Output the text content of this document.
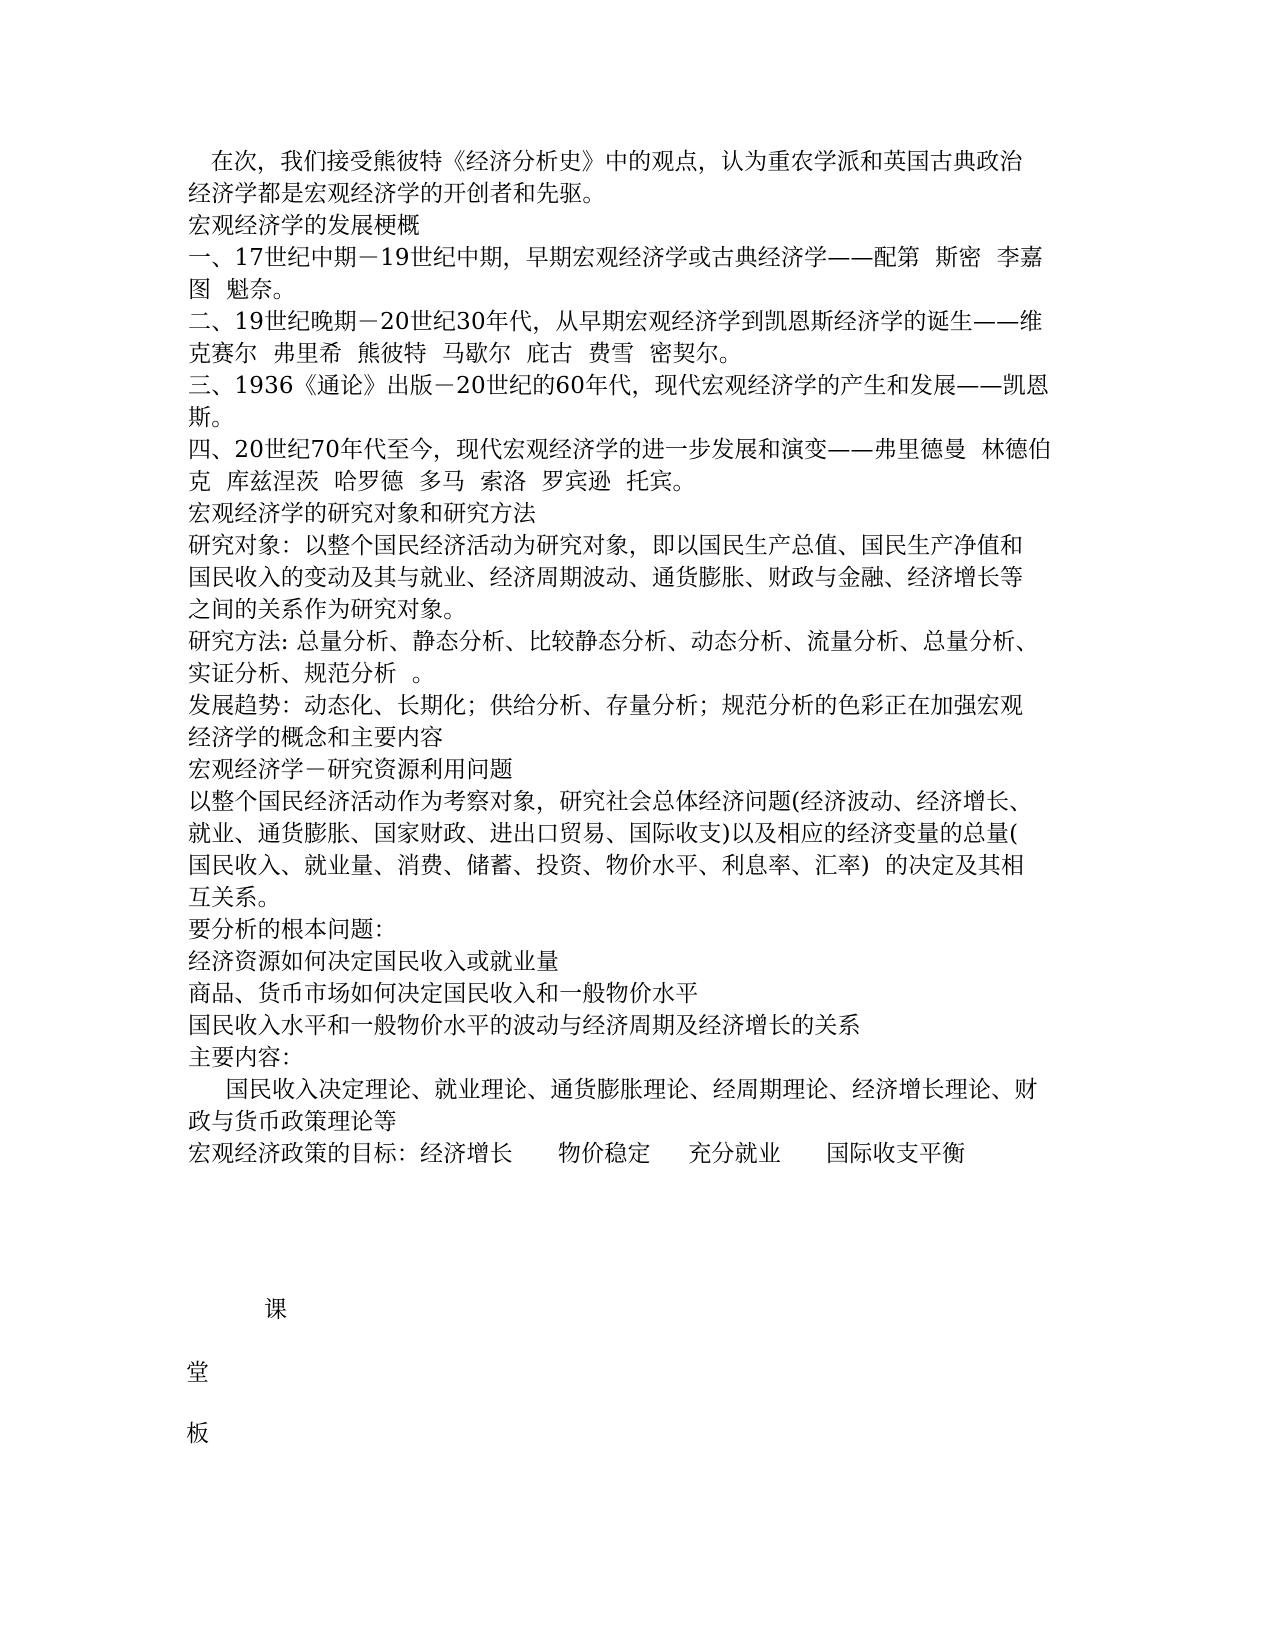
在次，我们接受熊彼特《经济分析史》中的观点，认为重农学派和英国古典政治
经济学都是宏观经济学的开创者和先驱。
宏观经济学的发展梗概
一、17世纪中期－19世纪中期，早期宏观经济学或古典经济学——配第  斯密  李嘉
图  魁奈。
二、19世纪晚期－20世纪30年代，从早期宏观经济学到凯恩斯经济学的诞生——维
克赛尔  弗里希  熊彼特  马歇尔  庇古  费雪  密契尔。
三、1936《通论》出版－20世纪的60年代，现代宏观经济学的产生和发展——凯恩
斯。
四、20世纪70年代至今，现代宏观经济学的进一步发展和演变——弗里德曼  林德伯
克  库兹涅茨  哈罗德  多马  索洛  罗宾逊  托宾。
宏观经济学的研究对象和研究方法
研究对象：以整个国民经济活动为研究对象，即以国民生产总值、国民生产净值和
国民收入的变动及其与就业、经济周期波动、通货膨胀、财政与金融、经济增长等
之间的关系作为研究对象。
研究方法: 总量分析、静态分析、比较静态分析、动态分析、流量分析、总量分析、
实证分析、规范分析  。
发展趋势：动态化、长期化；供给分析、存量分析；规范分析的色彩正在加强宏观
经济学的概念和主要内容
宏观经济学－研究资源利用问题
以整个国民经济活动作为考察对象，研究社会总体经济问题(经济波动、经济增长、
就业、通货膨胀、国家财政、进出口贸易、国际收支)以及相应的经济变量的总量(
国民收入、就业量、消费、储蓄、投资、物价水平、利息率、汇率)  的决定及其相
互关系。
要分析的根本问题：
经济资源如何决定国民收入或就业量
商品、货币市场如何决定国民收入和一般物价水平
国民收入水平和一般物价水平的波动与经济周期及经济增长的关系
主要内容：
国民收入决定理论、就业理论、通货膨胀理论、经周期理论、经济增长理论、财
政与货币政策理论等
宏观经济政策的目标：经济增长      物价稳定     充分就业      国际收支平衡
课
堂
板
